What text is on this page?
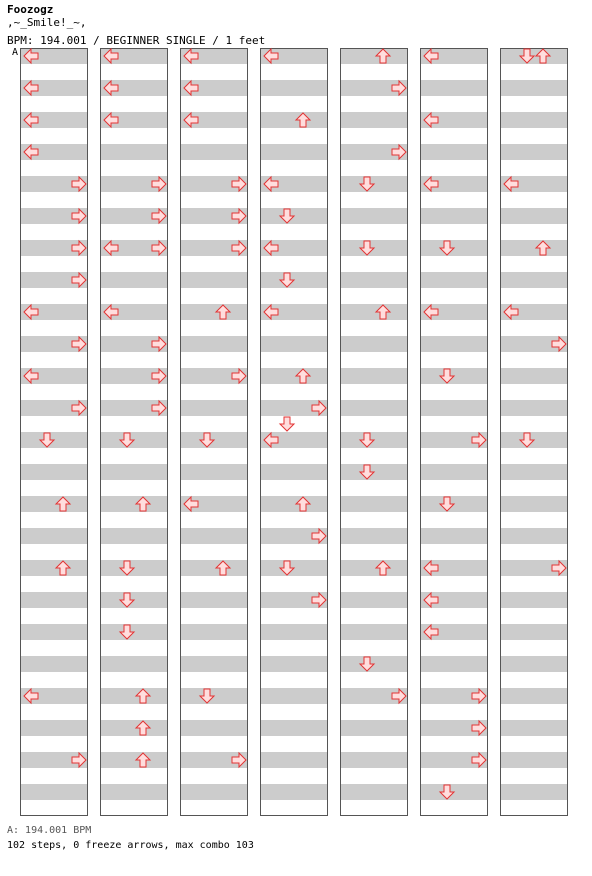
Foozogz
,~_Smile!_~,
BPM: 194.001 / BEGINNER SINGLE / 1 feet
A
A: 194.001 BPM
102 steps, 0 freeze arrows, max combo 103
